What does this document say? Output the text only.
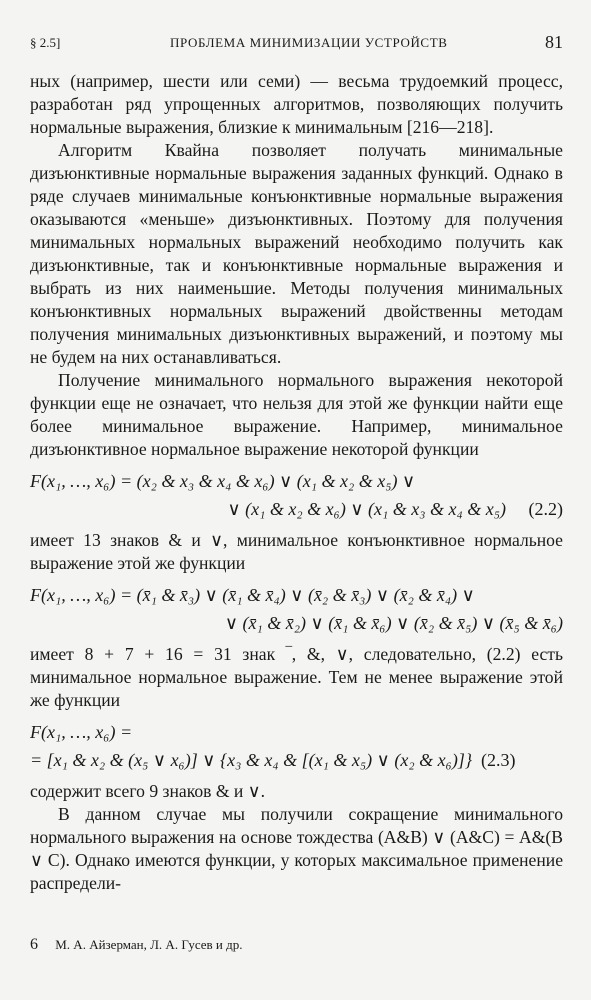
§ 2.5]	ПРОБЛЕМА МИНИМИЗАЦИИ УСТРОЙСТВ	81

ных (например, шести или семи) — весьма трудоемкий процесс, разработан ряд упрощенных алгоритмов, позволяющих получить нормальные выражения, близкие к минимальным [216—218].

Алгоритм Квайна позволяет получать минимальные дизъюнктивные нормальные выражения заданных функций. Однако в ряде случаев минимальные конъюнктивные нормальные выражения оказываются «меньше» дизъюнктивных. Поэтому для получения минимальных нормальных выражений необходимо получить как дизъюнктивные, так и конъюнктивные нормальные выражения и выбрать из них наименьшие. Методы получения минимальных конъюнктивных нормальных выражений двойственны методам получения минимальных дизъюнктивных выражений, и поэтому мы не будем на них останавливаться.

Получение минимального нормального выражения некоторой функции еще не означает, что нельзя для этой же функции найти еще более минимальное выражение. Например, минимальное дизъюнктивное нормальное выражение некоторой функции

F(x₁, …, x₆) = (x₂ & x₃ & x₄ & x₆) ∨ (x₁ & x₂ & x₅) ∨
∨ (x₁ & x₂ & x₆) ∨ (x₁ & x₃ & x₄ & x₅) (2.2)

имеет 13 знаков & и ∨, минимальное конъюнктивное нормальное выражение этой же функции

F(x₁, …, x₆) = (x̄₁ & x̄₃) ∨ (x̄₁ & x̄₄) ∨ (x̄₂ & x̄₃) ∨ (x̄₂ & x̄₄) ∨
∨ (x̄₁ & x̄₂) ∨ (x̄₁ & x̄₆) ∨ (x̄₂ & x̄₅) ∨ (x̄₅ & x̄₆)

имеет 8 + 7 + 16 = 31 знак ‾, &, ∨, следовательно, (2.2) есть минимальное нормальное выражение. Тем не менее выражение этой же функции

F(x₁, …, x₆) =
= [x₁ & x₂ & (x₅ ∨ x₆)] ∨ {x₃ & x₄ & [(x₁ & x₅) ∨ (x₂ & x₆)]} (2.3)

содержит всего 9 знаков & и ∨.

В данном случае мы получили сокращение минимального нормального выражения на основе тождества (A&B) ∨ (A&C) = A&(B ∨ C). Однако имеются функции, у которых максимальное применение распредели-

6 М. А. Айзерман, Л. А. Гусев и др.
